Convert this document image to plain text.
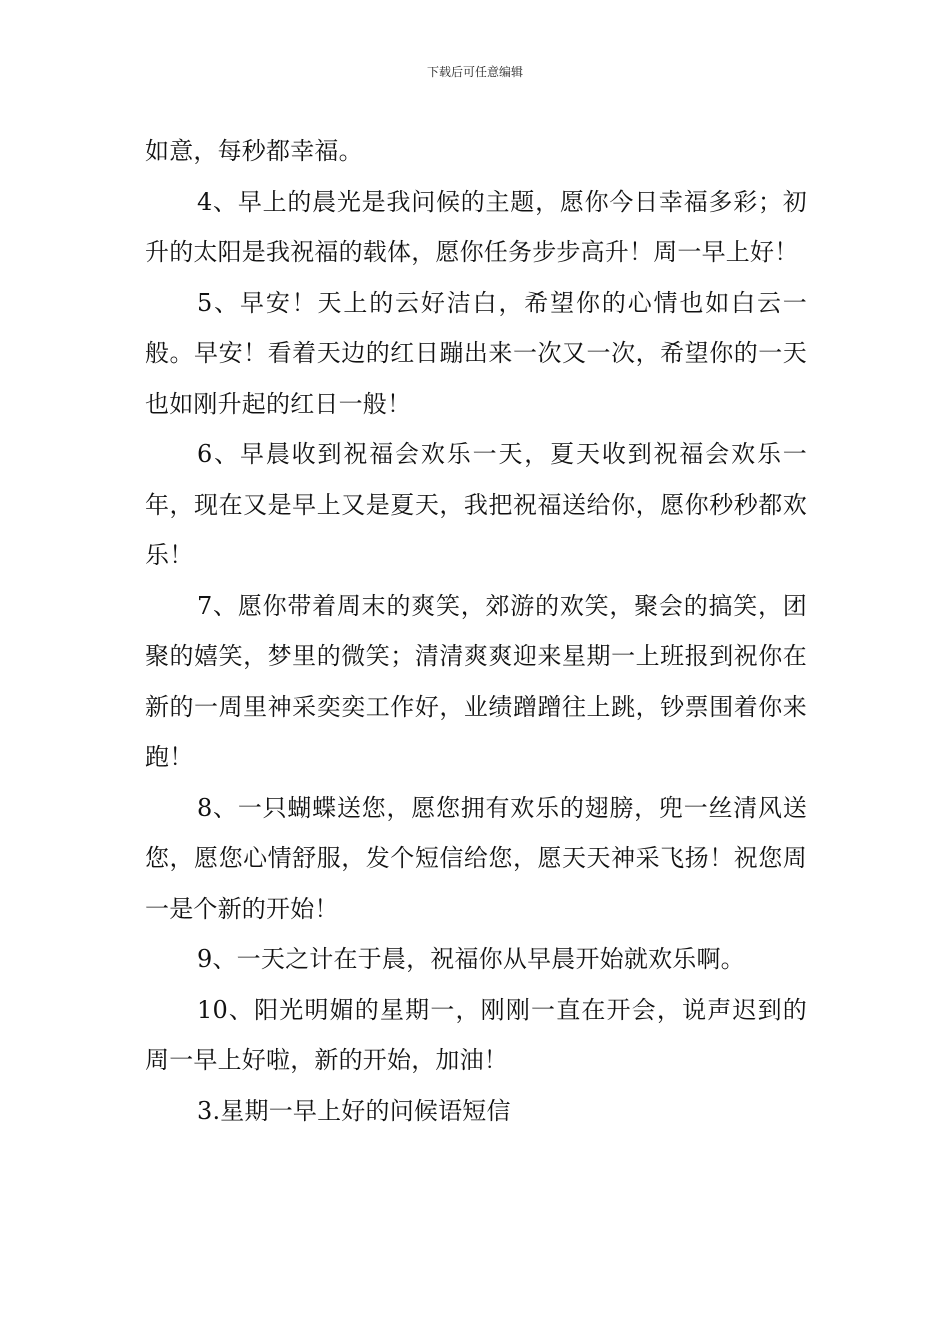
下载后可任意编辑

如意，每秒都幸福。

4、早上的晨光是我问候的主题，愿你今日幸福多彩；初升的太阳是我祝福的载体，愿你任务步步高升！周一早上好！

5、早安！天上的云好洁白，希望你的心情也如白云一般。早安！看着天边的红日蹦出来一次又一次，希望你的一天也如刚升起的红日一般！

6、早晨收到祝福会欢乐一天，夏天收到祝福会欢乐一年，现在又是早上又是夏天，我把祝福送给你，愿你秒秒都欢乐！

7、愿你带着周末的爽笑，郊游的欢笑，聚会的搞笑，团聚的嬉笑，梦里的微笑；清清爽爽迎来星期一上班报到祝你在新的一周里神采奕奕工作好，业绩蹭蹭往上跳，钞票围着你来跑！

8、一只蝴蝶送您，愿您拥有欢乐的翅膀，兜一丝清风送您，愿您心情舒服，发个短信给您，愿天天神采飞扬！祝您周一是个新的开始！

9、一天之计在于晨，祝福你从早晨开始就欢乐啊。

10、阳光明媚的星期一，刚刚一直在开会，说声迟到的周一早上好啦，新的开始，加油！

3.星期一早上好的问候语短信
